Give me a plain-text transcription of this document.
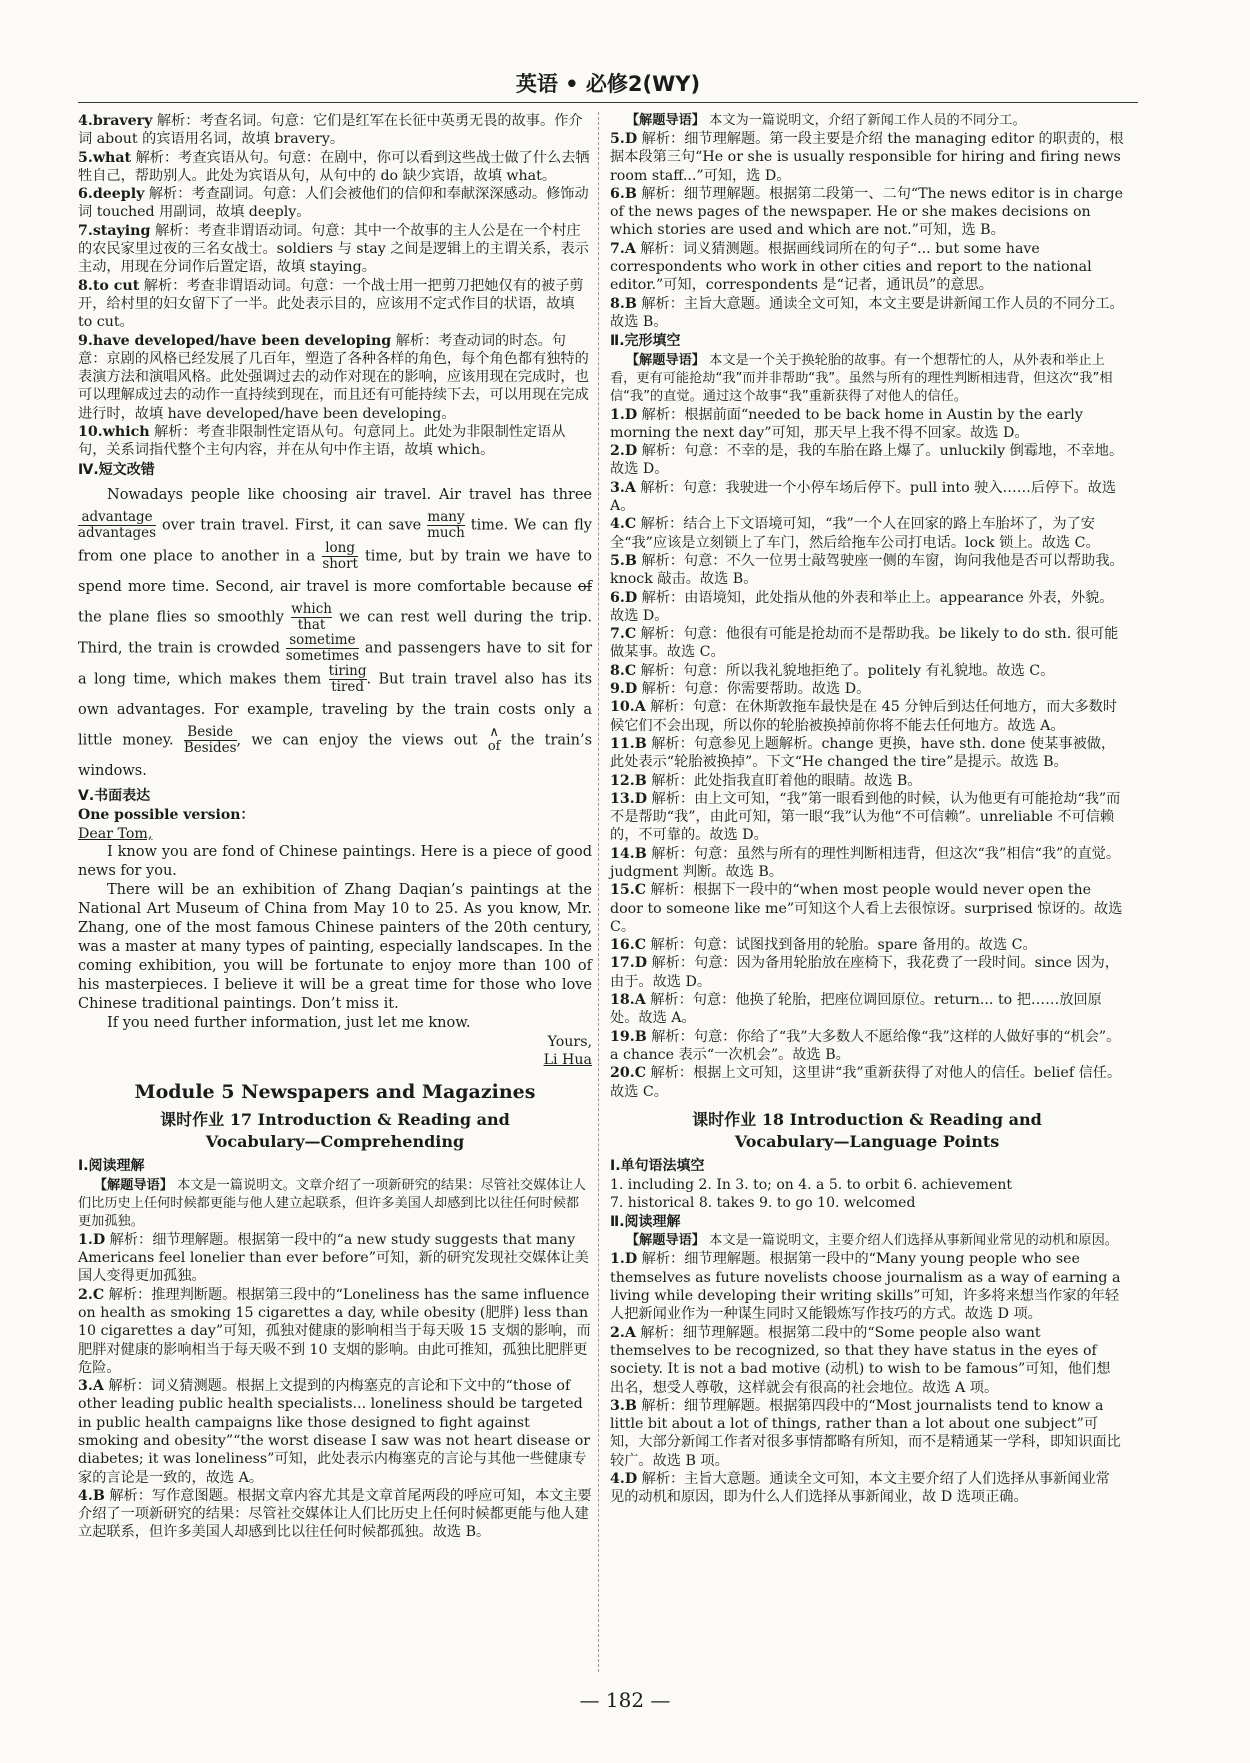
英语 • 必修2(WY)

4.bravery 解析：考查名词。句意：它们是红军在长征中英勇无畏的故事。作介词 about 的宾语用名词，故填 bravery。

5.what 解析：考查宾语从句。句意：在剧中，你可以看到这些战士做了什么去牺牲自己，帮助别人。此处为宾语从句，从句中的 do 缺少宾语，故填 what。

6.deeply 解析：考查副词。句意：人们会被他们的信仰和奉献深深感动。修饰动词 touched 用副词，故填 deeply。

7.staying 解析：考查非谓语动词。句意：其中一个故事的主人公是在一个村庄的农民家里过夜的三名女战士。soldiers 与 stay 之间是逻辑上的主谓关系，表示主动，用现在分词作后置定语，故填 staying。

8.to cut 解析：考查非谓语动词。句意：一个战士用一把剪刀把她仅有的被子剪开，给村里的妇女留下了一半。此处表示目的，应该用不定式作目的状语，故填 to cut。

9.have developed/have been developing 解析：考查动词的时态。句意：京剧的风格已经发展了几百年，塑造了各种各样的角色，每个角色都有独特的表演方法和演唱风格。此处强调过去的动作对现在的影响，应该用现在完成时，也可以理解成过去的动作一直持续到现在，而且还有可能持续下去，可以用现在完成进行时，故填 have developed/have been developing。

10.which 解析：考查非限制性定语从句。句意同上。此处为非限制性定语从句，关系词指代整个主句内容，并在从句中作主语，故填 which。

Ⅳ.短文改错

Nowadays people like choosing air travel. Air travel has three
advantage
advantages over train travel. First, it can save
many
much time. We can fly from one place to another in a
long
short time, but by train we have to spend more time. Second, air travel is more comfortable because of the plane flies so smoothly
which
that we can rest well during the trip. Third, the train is crowded
sometime
sometimes and passengers have to sit for a long time, which makes them
tiring
tired . But train travel also has its own advantages. For example, traveling by the train costs only a little money.
Beside
Besides , we can enjoy the views out ∧
of the train’s windows.

Ⅴ.书面表达

One possible version：

Dear Tom,

I know you are fond of Chinese paintings. Here is a piece of good news for you.

There will be an exhibition of Zhang Daqian’s paintings at the National Art Museum of China from May 10 to 25. As you know, Mr. Zhang, one of the most famous Chinese painters of the 20th century, was a master at many types of painting, especially landscapes. In the coming exhibition, you will be fortunate to enjoy more than 100 of his masterpieces. I believe it will be a great time for those who love Chinese traditional paintings. Don’t miss it.

If you need further information, just let me know.

Yours,

Li Hua

Module 5 Newspapers and Magazines

课时作业 17 Introduction & Reading and

Vocabulary—Comprehending

Ⅰ.阅读理解

【解题导语】 本文是一篇说明文。文章介绍了一项新研究的结果：尽管社交媒体让人们比历史上任何时候都更能与他人建立起联系，但许多美国人却感到比以往任何时候都更加孤独。

1.D 解析：细节理解题。根据第一段中的“a new study suggests that many Americans feel lonelier than ever before”可知，新的研究发现社交媒体让美国人变得更加孤独。

2.C 解析：推理判断题。根据第三段中的“Loneliness has the same influence on health as smoking 15 cigarettes a day, while obesity (肥胖) less than 10 cigarettes a day”可知，孤独对健康的影响相当于每天吸 15 支烟的影响，而肥胖对健康的影响相当于每天吸不到 10 支烟的影响。由此可推知，孤独比肥胖更危险。

3.A 解析：词义猜测题。根据上文提到的内梅塞克的言论和下文中的“those of other leading public health specialists... loneliness should be targeted in public health campaigns like those designed to fight against smoking and obesity”“the worst disease I saw was not heart disease or diabetes; it was loneliness”可知，此处表示内梅塞克的言论与其他一些健康专家的言论是一致的，故选 A。

4.B 解析：写作意图题。根据文章内容尤其是文章首尾两段的呼应可知，本文主要介绍了一项新研究的结果：尽管社交媒体让人们比历史上任何时候都更能与他人建立起联系，但许多美国人却感到比以往任何时候都孤独。故选 B。

【解题导语】 本文为一篇说明文，介绍了新闻工作人员的不同分工。

5.D 解析：细节理解题。第一段主要是介绍 the managing editor 的职责的，根据本段第三句“He or she is usually responsible for hiring and firing news room staff...”可知，选 D。

6.B 解析：细节理解题。根据第二段第一、二句“The news editor is in charge of the news pages of the newspaper. He or she makes decisions on which stories are used and which are not.”可知，选 B。

7.A 解析：词义猜测题。根据画线词所在的句子“... but some have correspondents who work in other cities and report to the national editor.”可知，correspondents 是“记者，通讯员”的意思。

8.B 解析：主旨大意题。通读全文可知，本文主要是讲新闻工作人员的不同分工。故选 B。

Ⅱ.完形填空

【解题导语】 本文是一个关于换轮胎的故事。有一个想帮忙的人，从外表和举止上看，更有可能抢劫“我”而并非帮助“我”。虽然与所有的理性判断相违背，但这次“我”相信“我”的直觉。通过这个故事“我”重新获得了对他人的信任。

1.D 解析：根据前面“needed to be back home in Austin by the early morning the next day”可知，那天早上我不得不回家。故选 D。

2.D 解析：句意：不幸的是，我的车胎在路上爆了。unluckily 倒霉地，不幸地。故选 D。

3.A 解析：句意：我驶进一个小停车场后停下。pull into 驶入……后停下。故选 A。

4.C 解析：结合上下文语境可知，“我”一个人在回家的路上车胎坏了，为了安全“我”应该是立刻锁上了车门，然后给拖车公司打电话。lock 锁上。故选 C。

5.B 解析：句意：不久一位男士敲驾驶座一侧的车窗，询问我他是否可以帮助我。knock 敲击。故选 B。

6.D 解析：由语境知，此处指从他的外表和举止上。appearance 外表，外貌。故选 D。

7.C 解析：句意：他很有可能是抢劫而不是帮助我。be likely to do sth. 很可能做某事。故选 C。

8.C 解析：句意：所以我礼貌地拒绝了。politely 有礼貌地。故选 C。

9.D 解析：句意：你需要帮助。故选 D。

10.A 解析：句意：在休斯敦拖车最快是在 45 分钟后到达任何地方，而大多数时候它们不会出现，所以你的轮胎被换掉前你将不能去任何地方。故选 A。

11.B 解析：句意参见上题解析。change 更换，have sth. done 使某事被做，此处表示“轮胎被换掉”。下文“He changed the tire”是提示。故选 B。

12.B 解析：此处指我直盯着他的眼睛。故选 B。

13.D 解析：由上文可知，“我”第一眼看到他的时候，认为他更有可能抢劫“我”而不是帮助“我”，由此可知，第一眼“我”认为他“不可信赖”。unreliable 不可信赖的，不可靠的。故选 D。

14.B 解析：句意：虽然与所有的理性判断相违背，但这次“我”相信“我”的直觉。judgment 判断。故选 B。

15.C 解析：根据下一段中的“when most people would never open the door to someone like me”可知这个人看上去很惊讶。surprised 惊讶的。故选 C。

16.C 解析：句意：试图找到备用的轮胎。spare 备用的。故选 C。

17.D 解析：句意：因为备用轮胎放在座椅下，我花费了一段时间。since 因为，由于。故选 D。

18.A 解析：句意：他换了轮胎，把座位调回原位。return... to 把……放回原处。故选 A。

19.B 解析：句意：你给了“我”大多数人不愿给像“我”这样的人做好事的“机会”。a chance 表示“一次机会”。故选 B。

20.C 解析：根据上文可知，这里讲“我”重新获得了对他人的信任。belief 信任。故选 C。

课时作业 18 Introduction & Reading and

Vocabulary—Language Points

Ⅰ.单句语法填空

1. including 2. In 3. to; on 4. a 5. to orbit 6. achievement

7. historical 8. takes 9. to go 10. welcomed

Ⅱ.阅读理解

【解题导语】 本文是一篇说明文，主要介绍人们选择从事新闻业常见的动机和原因。

1.D 解析：细节理解题。根据第一段中的“Many young people who see themselves as future novelists choose journalism as a way of earning a living while developing their writing skills”可知，许多将来想当作家的年轻人把新闻业作为一种谋生同时又能锻炼写作技巧的方式。故选 D 项。

2.A 解析：细节理解题。根据第二段中的“Some people also want themselves to be recognized, so that they have status in the eyes of society. It is not a bad motive (动机) to wish to be famous”可知，他们想出名，想受人尊敬，这样就会有很高的社会地位。故选 A 项。

3.B 解析：细节理解题。根据第四段中的“Most journalists tend to know a little bit about a lot of things, rather than a lot about one subject”可知，大部分新闻工作者对很多事情都略有所知，而不是精通某一学科，即知识面比较广。故选 B 项。

4.D 解析：主旨大意题。通读全文可知，本文主要介绍了人们选择从事新闻业常见的动机和原因，即为什么人们选择从事新闻业，故 D 选项正确。

— 182 —
